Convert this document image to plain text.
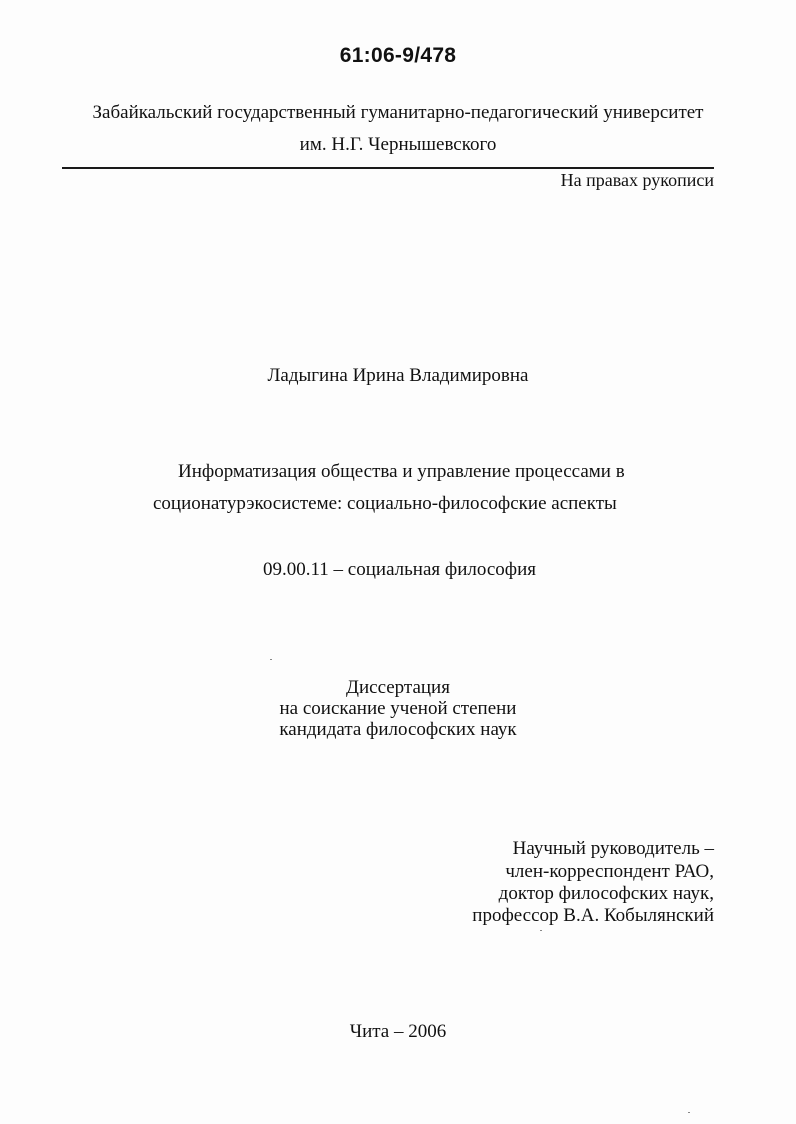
61:06-9/478
Забайкальский государственный гуманитарно-педагогический университет
им. Н.Г. Чернышевского
На правах рукописи
Ладыгина Ирина Владимировна
Информатизация общества и управление процессами в
соционатурэкосистеме: социально-философские аспекты
09.00.11 – социальная философия
Диссертация
на соискание ученой степени
кандидата философских наук
Научный руководитель –
член-корреспондент РАО,
доктор философских наук,
профессор В.А. Кобылянский
Чита – 2006
